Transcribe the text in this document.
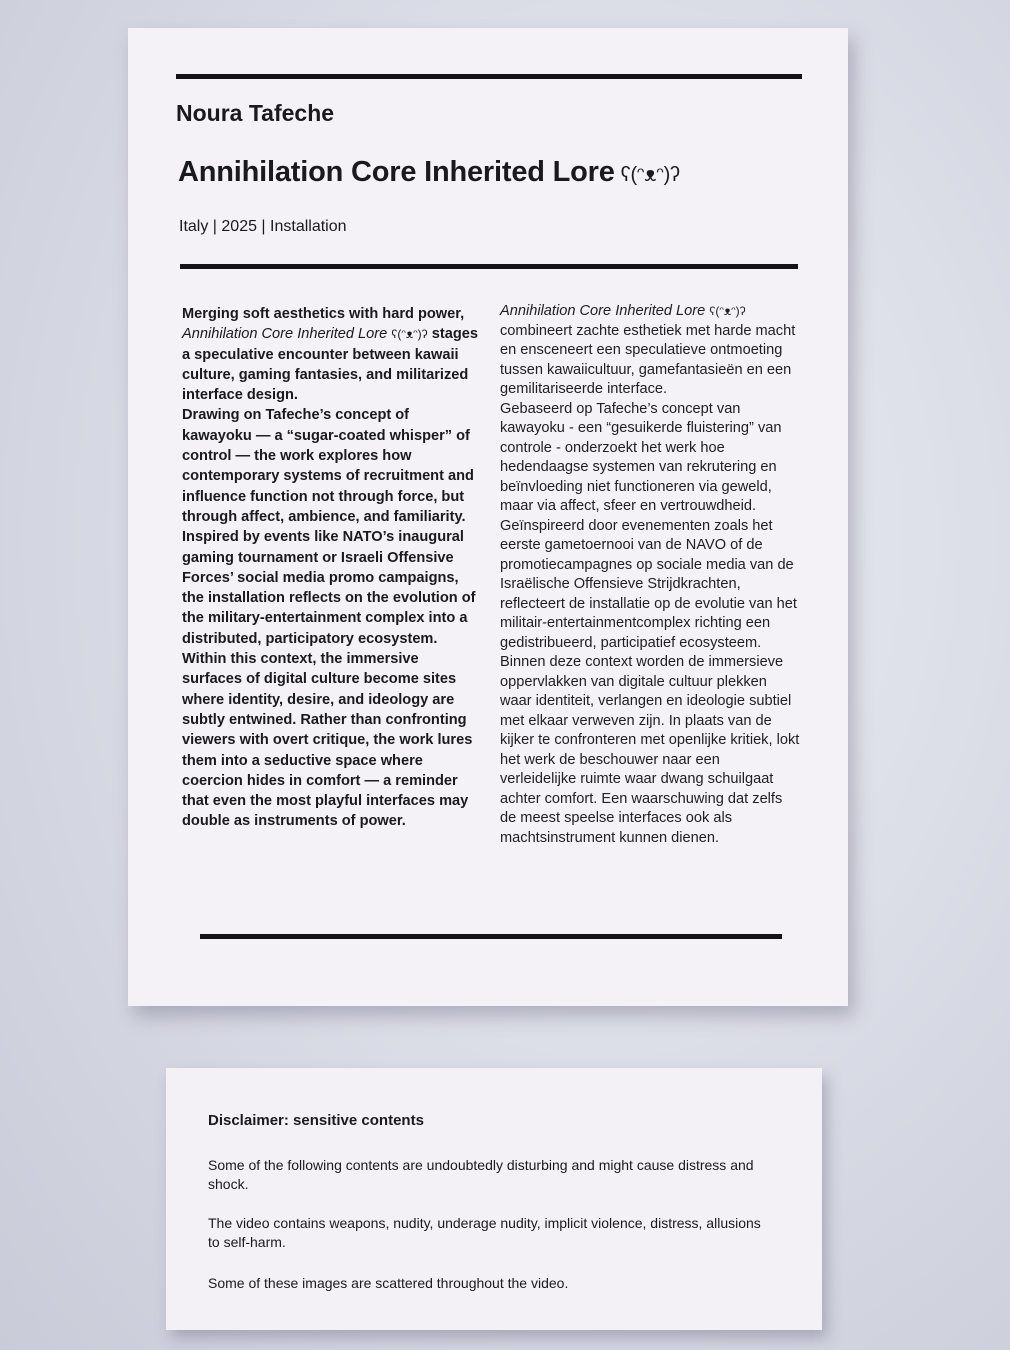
Noura Tafeche
Annihilation Core Inherited Lore ʕ(ᵔᴥᵔ)ʔ

Italy | 2025 | Installation

Merging soft aesthetics with hard power, Annihilation Core Inherited Lore ʕ(ᵔᴥᵔ)ʔ stages a speculative encounter between kawaii culture, gaming fantasies, and militarized interface design.

Drawing on Tafeche’s concept of kawayoku — a “sugar-coated whisper” of control — the work explores how contemporary systems of recruitment and influence function not through force, but through affect, ambience, and familiarity. Inspired by events like NATO’s inaugural gaming tournament or Israeli Offensive Forces’ social media promo campaigns, the installation reflects on the evolution of the military-entertainment complex into a distributed, participatory ecosystem. Within this context, the immersive surfaces of digital culture become sites where identity, desire, and ideology are subtly entwined. Rather than confronting viewers with overt critique, the work lures them into a seductive space where coercion hides in comfort — a reminder that even the most playful interfaces may double as instruments of power.

Annihilation Core Inherited Lore ʕ(ᵔᴥᵔ)ʔ combineert zachte esthetiek met harde macht en ensceneert een speculatieve ontmoeting tussen kawaiicultuur, gamefantasieën en een gemilitariseerde interface.

Gebaseerd op Tafeche’s concept van kawayoku - een “gesuikerde fluistering” van controle - onderzoekt het werk hoe hedendaagse systemen van rekrutering en beïnvloeding niet functioneren via geweld, maar via affect, sfeer en vertrouwdheid. Geïnspireerd door evenementen zoals het eerste gametoernooi van de NAVO of de promotiecampagnes op sociale media van de Israëlische Offensieve Strijdkrachten, reflecteert de installatie op de evolutie van het militair-entertainmentcomplex richting een gedistribueerd, participatief ecosysteem. Binnen deze context worden de immersieve oppervlakken van digitale cultuur plekken waar identiteit, verlangen en ideologie subtiel met elkaar verweven zijn. In plaats van de kijker te confronteren met openlijke kritiek, lokt het werk de beschouwer naar een verleidelijke ruimte waar dwang schuilgaat achter comfort. Een waarschuwing dat zelfs de meest speelse interfaces ook als machtsinstrument kunnen dienen.

Disclaimer: sensitive contents

Some of the following contents are undoubtedly disturbing and might cause distress and shock.

The video contains weapons, nudity, underage nudity, implicit violence, distress, allusions to self-harm.

Some of these images are scattered throughout the video.
